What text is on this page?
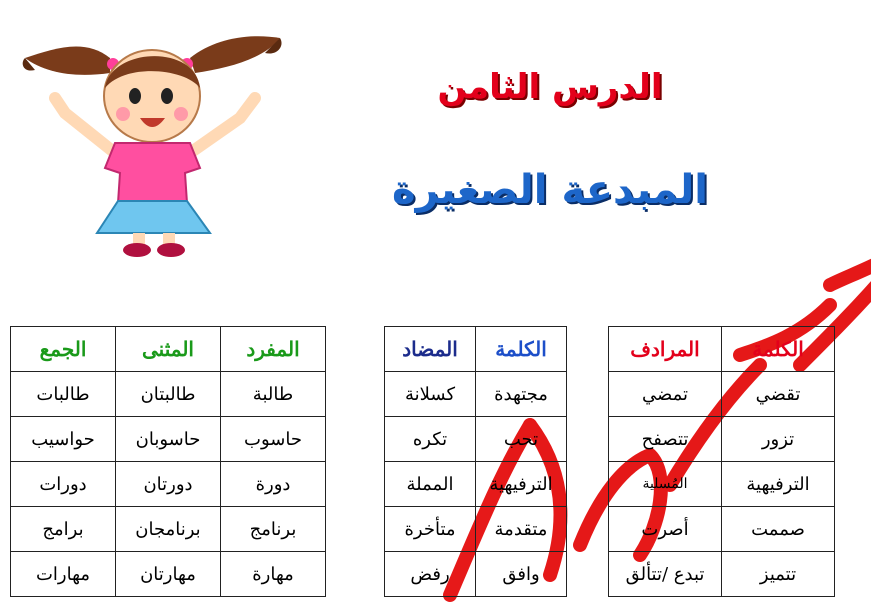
الدرس الثامن
المبدعة الصغيرة
المفرد	المثنى	الجمع
طالبة	طالبتان	طالبات
حاسوب	حاسوبان	حواسيب
دورة	دورتان	دورات
برنامج	برنامجان	برامج
مهارة	مهارتان	مهارات
الكلمة	المضاد
مجتهدة	كسلانة
تحب	تكره
الترفيهية	المملة
متقدمة	متأخرة
وافق	رفض
الكلمة	المرادف
تقضي	تمضي
تزور	تتصفح
الترفيهية	المُسلية
صممت	أصرت
تتميز	تبدع /تتألق
